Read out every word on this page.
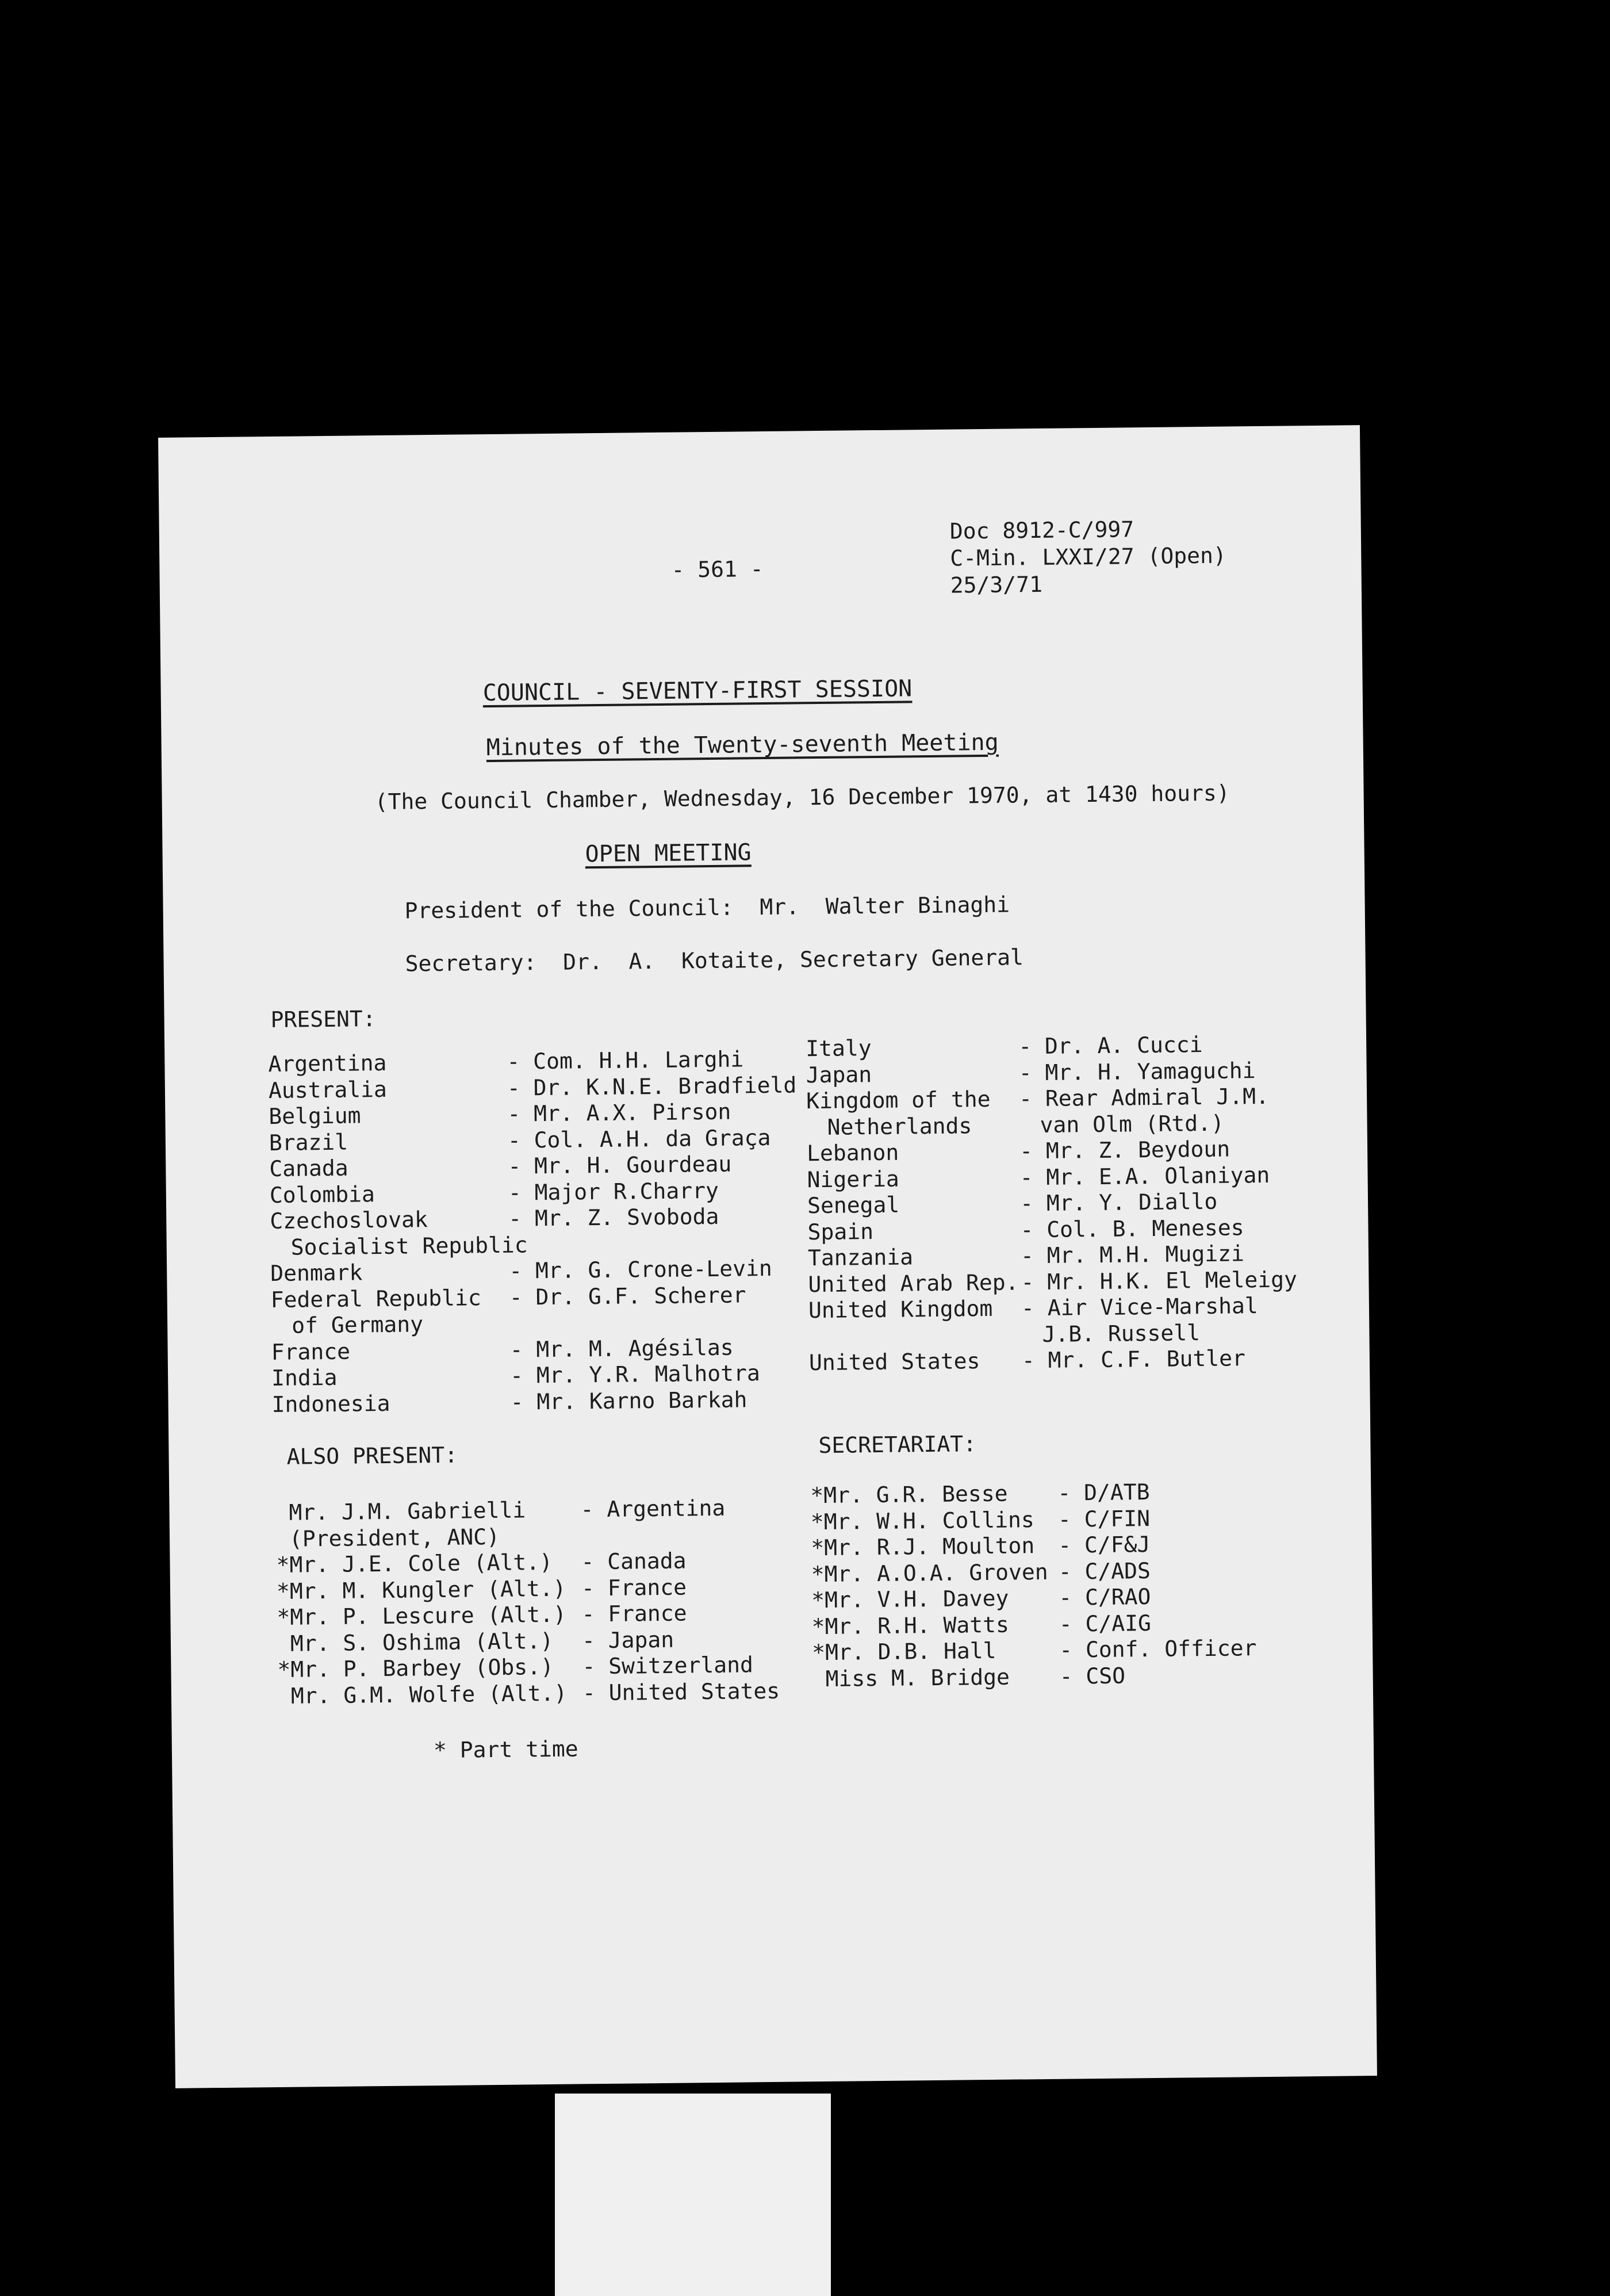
- 561 -
Doc 8912-C/997
C-Min. LXXI/27 (Open)
25/3/71
COUNCIL - SEVENTY-FIRST SESSION
Minutes of the Twenty-seventh Meeting
(The Council Chamber, Wednesday, 16 December 1970, at 1430 hours)
OPEN MEETING
President of the Council:  Mr.  Walter Binaghi
Secretary:  Dr.  A.  Kotaite, Secretary General
PRESENT:
Argentina
Australia
Belgium
Brazil
Canada
Colombia
Czechoslovak
Socialist Republic
Denmark
Federal Republic
of Germany
France
India
Indonesia
- Com. H.H. Larghi
- Dr. K.N.E. Bradfield
- Mr. A.X. Pirson
- Col. A.H. da Graça
- Mr. H. Gourdeau
- Major R.Charry
- Mr. Z. Svoboda
- Mr. G. Crone-Levin
- Dr. G.F. Scherer
- Mr. M. Agésilas
- Mr. Y.R. Malhotra
- Mr. Karno Barkah
Italy
Japan
Kingdom of the
Netherlands
Lebanon
Nigeria
Senegal
Spain
Tanzania
United Arab Rep.
United Kingdom
United States
- Dr. A. Cucci
- Mr. H. Yamaguchi
- Rear Admiral J.M.
van Olm (Rtd.)
- Mr. Z. Beydoun
- Mr. E.A. Olaniyan
- Mr. Y. Diallo
- Col. B. Meneses
- Mr. M.H. Mugizi
- Mr. H.K. El Meleigy
- Air Vice-Marshal
J.B. Russell
- Mr. C.F. Butler
ALSO PRESENT:
Mr. J.M. Gabrielli
(President, ANC)
*Mr. J.E. Cole (Alt.)
*Mr. M. Kungler (Alt.)
*Mr. P. Lescure (Alt.)
Mr. S. Oshima (Alt.)
*Mr. P. Barbey (Obs.)
Mr. G.M. Wolfe (Alt.)
- Argentina
- Canada
- France
- France
- Japan
- Switzerland
- United States
SECRETARIAT:
*Mr. G.R. Besse
*Mr. W.H. Collins
*Mr. R.J. Moulton
*Mr. A.O.A. Groven
*Mr. V.H. Davey
*Mr. R.H. Watts
*Mr. D.B. Hall
Miss M. Bridge
- D/ATB
- C/FIN
- C/F&J
- C/ADS
- C/RAO
- C/AIG
- Conf. Officer
- CSO
* Part time
